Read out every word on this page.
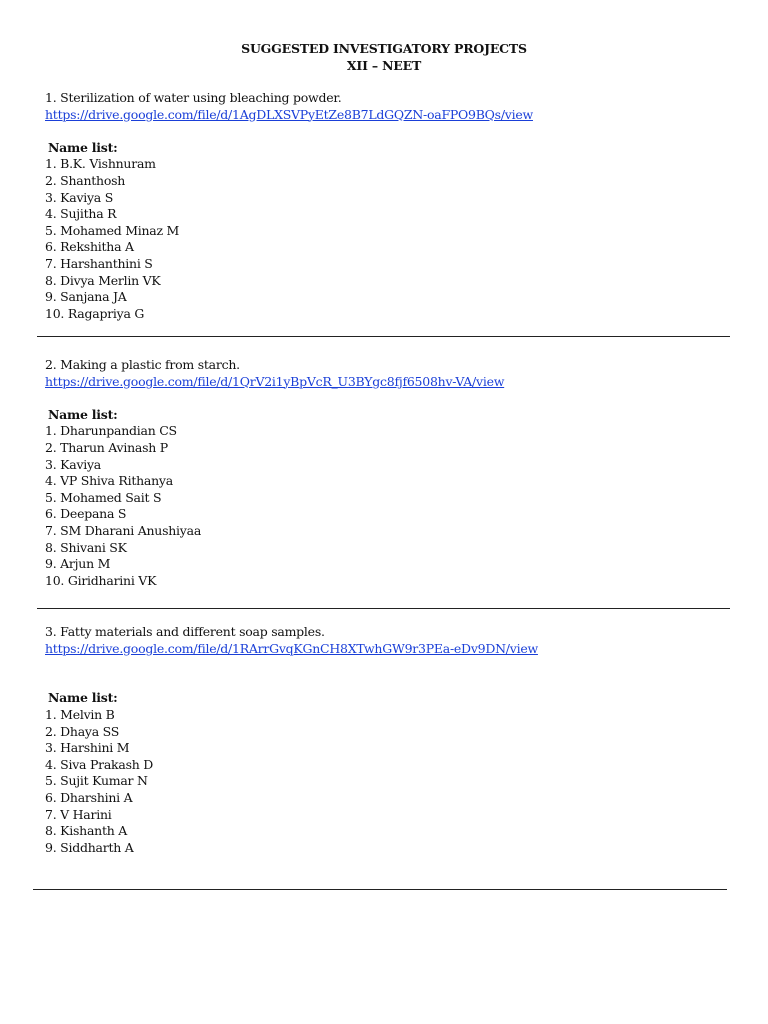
SUGGESTED INVESTIGATORY PROJECTS
XII – NEET
1. Sterilization of water using bleaching powder.
https://drive.google.com/file/d/1AgDLXSVPyEtZe8B7LdGQZN-oaFPO9BQs/view
Name list:
1. B.K. Vishnuram
2. Shanthosh
3. Kaviya S
4. Sujitha R
5. Mohamed Minaz M
6. Rekshitha A
7. Harshanthini S
8. Divya Merlin VK
9. Sanjana JA
10. Ragapriya G
2. Making a plastic from starch.
https://drive.google.com/file/d/1QrV2i1yBpVcR_U3BYgc8fjf6508hv-VA/view
Name list:
1. Dharunpandian CS
2. Tharun Avinash P
3. Kaviya
4. VP Shiva Rithanya
5. Mohamed Sait S
6. Deepana S
7. SM Dharani Anushiyaa
8. Shivani SK
9. Arjun M
10. Giridharini VK
3. Fatty materials and different soap samples.
https://drive.google.com/file/d/1RArrGvqKGnCH8XTwhGW9r3PEa-eDv9DN/view
Name list:
1. Melvin B
2. Dhaya SS
3. Harshini M
4. Siva Prakash D
5. Sujit Kumar N
6. Dharshini A
7. V Harini
8. Kishanth A
9. Siddharth A
